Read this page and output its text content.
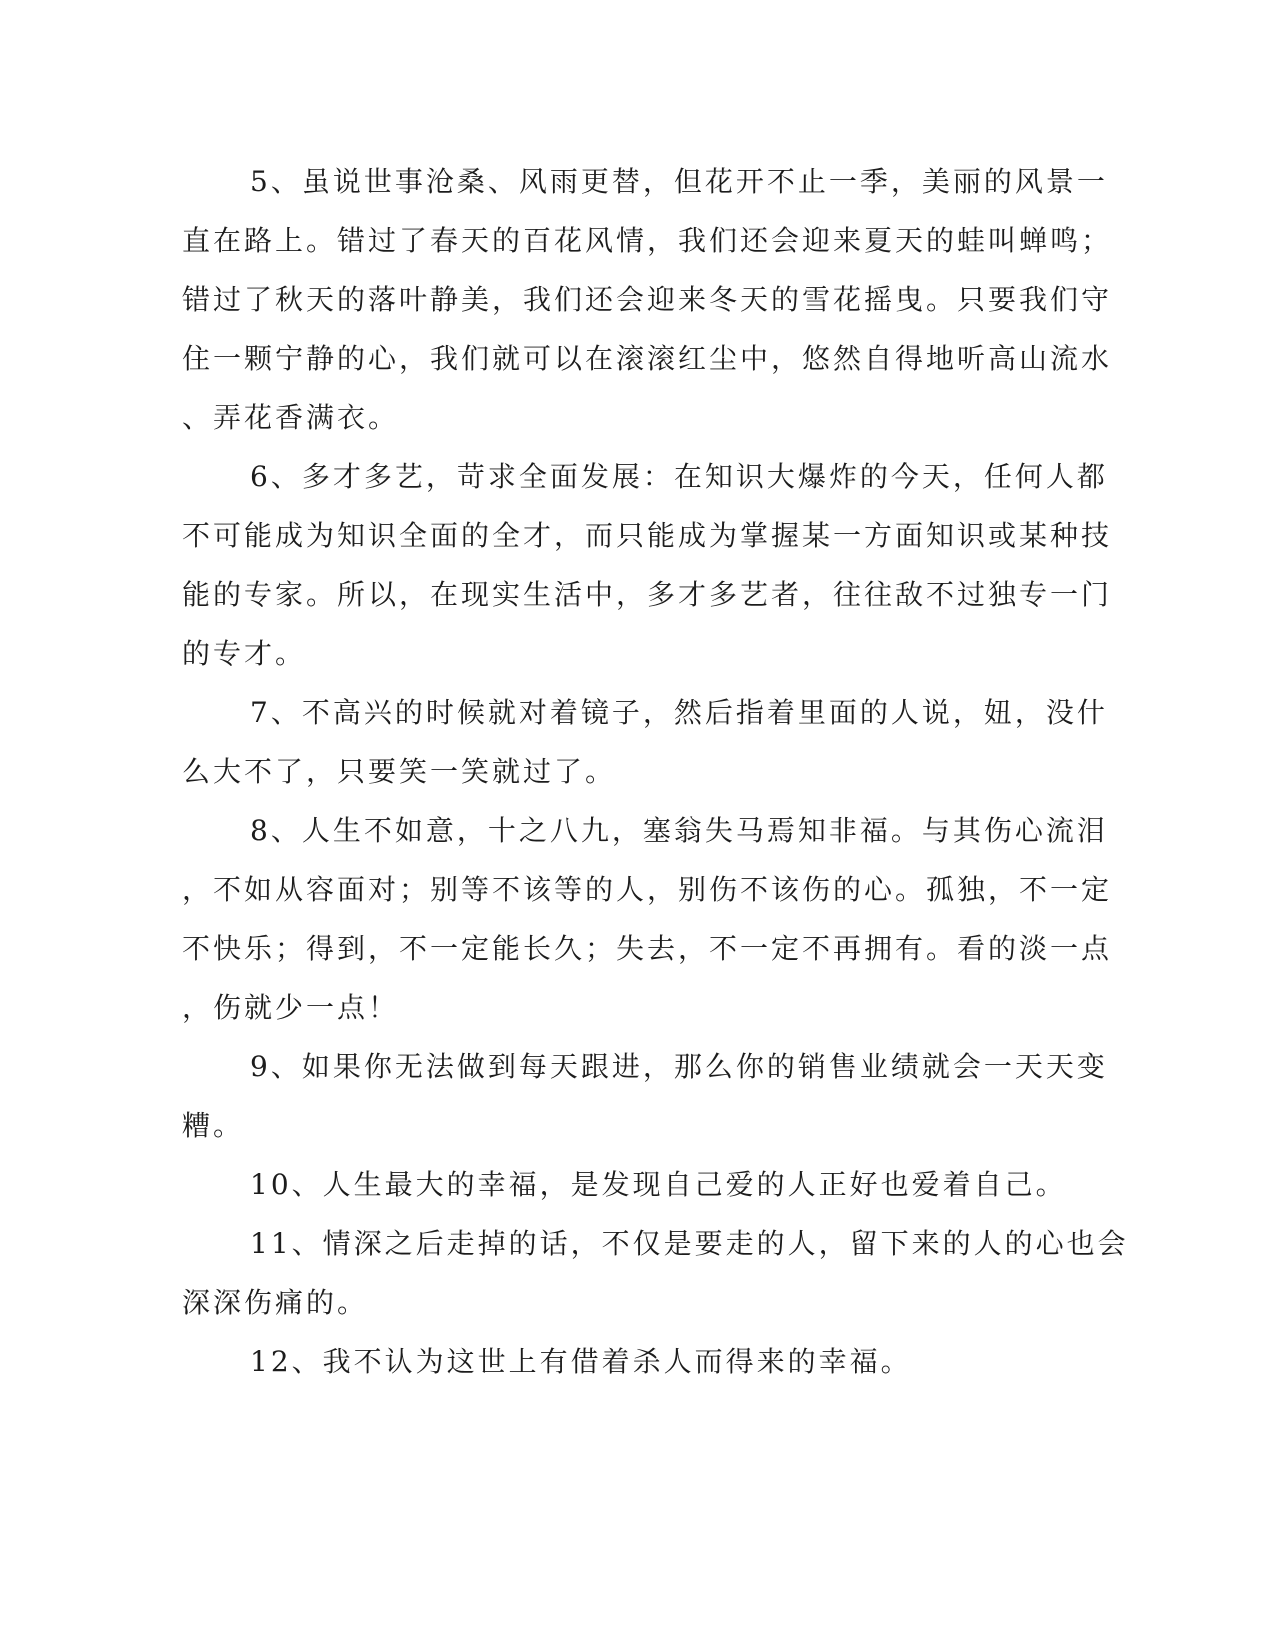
5、虽说世事沧桑、风雨更替，但花开不止一季，美丽的风景一
直在路上。错过了春天的百花风情，我们还会迎来夏天的蛙叫蝉鸣；
错过了秋天的落叶静美，我们还会迎来冬天的雪花摇曳。只要我们守
住一颗宁静的心，我们就可以在滚滚红尘中，悠然自得地听高山流水
、弄花香满衣。
6、多才多艺，苛求全面发展：在知识大爆炸的今天，任何人都
不可能成为知识全面的全才，而只能成为掌握某一方面知识或某种技
能的专家。所以，在现实生活中，多才多艺者，往往敌不过独专一门
的专才。
7、不高兴的时候就对着镜子，然后指着里面的人说，妞，没什
么大不了，只要笑一笑就过了。
8、人生不如意，十之八九，塞翁失马焉知非福。与其伤心流泪
，不如从容面对；别等不该等的人，别伤不该伤的心。孤独，不一定
不快乐；得到，不一定能长久；失去，不一定不再拥有。看的淡一点
，伤就少一点！
9、如果你无法做到每天跟进，那么你的销售业绩就会一天天变
糟。
10、人生最大的幸福，是发现自己爱的人正好也爱着自己。
11、情深之后走掉的话，不仅是要走的人，留下来的人的心也会
深深伤痛的。
12、我不认为这世上有借着杀人而得来的幸福。
